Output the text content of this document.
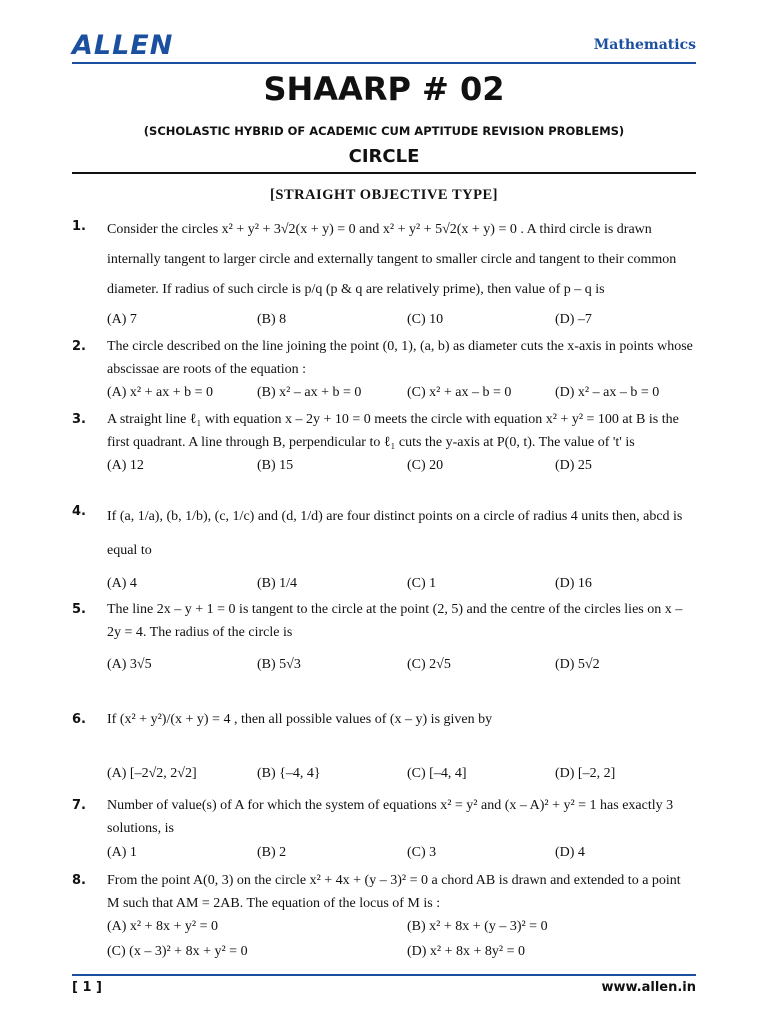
ALLEN	Mathematics
SHAARP # 02
(SCHOLASTIC HYBRID OF ACADEMIC CUM APTITUDE REVISION PROBLEMS)
CIRCLE
[STRAIGHT OBJECTIVE TYPE]
1. Consider the circles x² + y² + 3√2(x + y) = 0 and x² + y² + 5√2(x + y) = 0 . A third circle is drawn internally tangent to larger circle and externally tangent to smaller circle and tangent to their common diameter. If radius of such circle is p/q (p & q are relatively prime), then value of p – q is
(A) 7	(B) 8	(C) 10	(D) –7
2. The circle described on the line joining the point (0, 1), (a, b) as diameter cuts the x-axis in points whose abscissae are roots of the equation :
(A) x² + ax + b = 0	(B) x² – ax + b = 0	(C) x² + ax – b = 0	(D) x² – ax – b = 0
3. A straight line ℓ₁ with equation x – 2y + 10 = 0 meets the circle with equation x² + y² = 100 at B is the first quadrant. A line through B, perpendicular to ℓ₁ cuts the y-axis at P(0, t). The value of 't' is
(A) 12	(B) 15	(C) 20	(D) 25
4. If (a, 1/a), (b, 1/b), (c, 1/c) and (d, 1/d) are four distinct points on a circle of radius 4 units then, abcd is equal to
(A) 4	(B) 1/4	(C) 1	(D) 16
5. The line 2x – y + 1 = 0 is tangent to the circle at the point (2, 5) and the centre of the circles lies on x – 2y = 4. The radius of the circle is
(A) 3√5	(B) 5√3	(C) 2√5	(D) 5√2
6. If (x² + y²)/(x + y) = 4 , then all possible values of (x – y) is given by
(A) [–2√2, 2√2]	(B) {–4, 4}	(C) [–4, 4]	(D) [–2, 2]
7. Number of value(s) of A for which the system of equations x² = y² and (x – A)² + y² = 1 has exactly 3 solutions, is
(A) 1	(B) 2	(C) 3	(D) 4
8. From the point A(0, 3) on the circle x² + 4x + (y – 3)² = 0 a chord AB is drawn and extended to a point M such that AM = 2AB. The equation of the locus of M is :
(A) x² + 8x + y² = 0	(B) x² + 8x + (y – 3)² = 0
(C) (x – 3)² + 8x + y² = 0	(D) x² + 8x + 8y² = 0
[ 1 ]	www.allen.in
